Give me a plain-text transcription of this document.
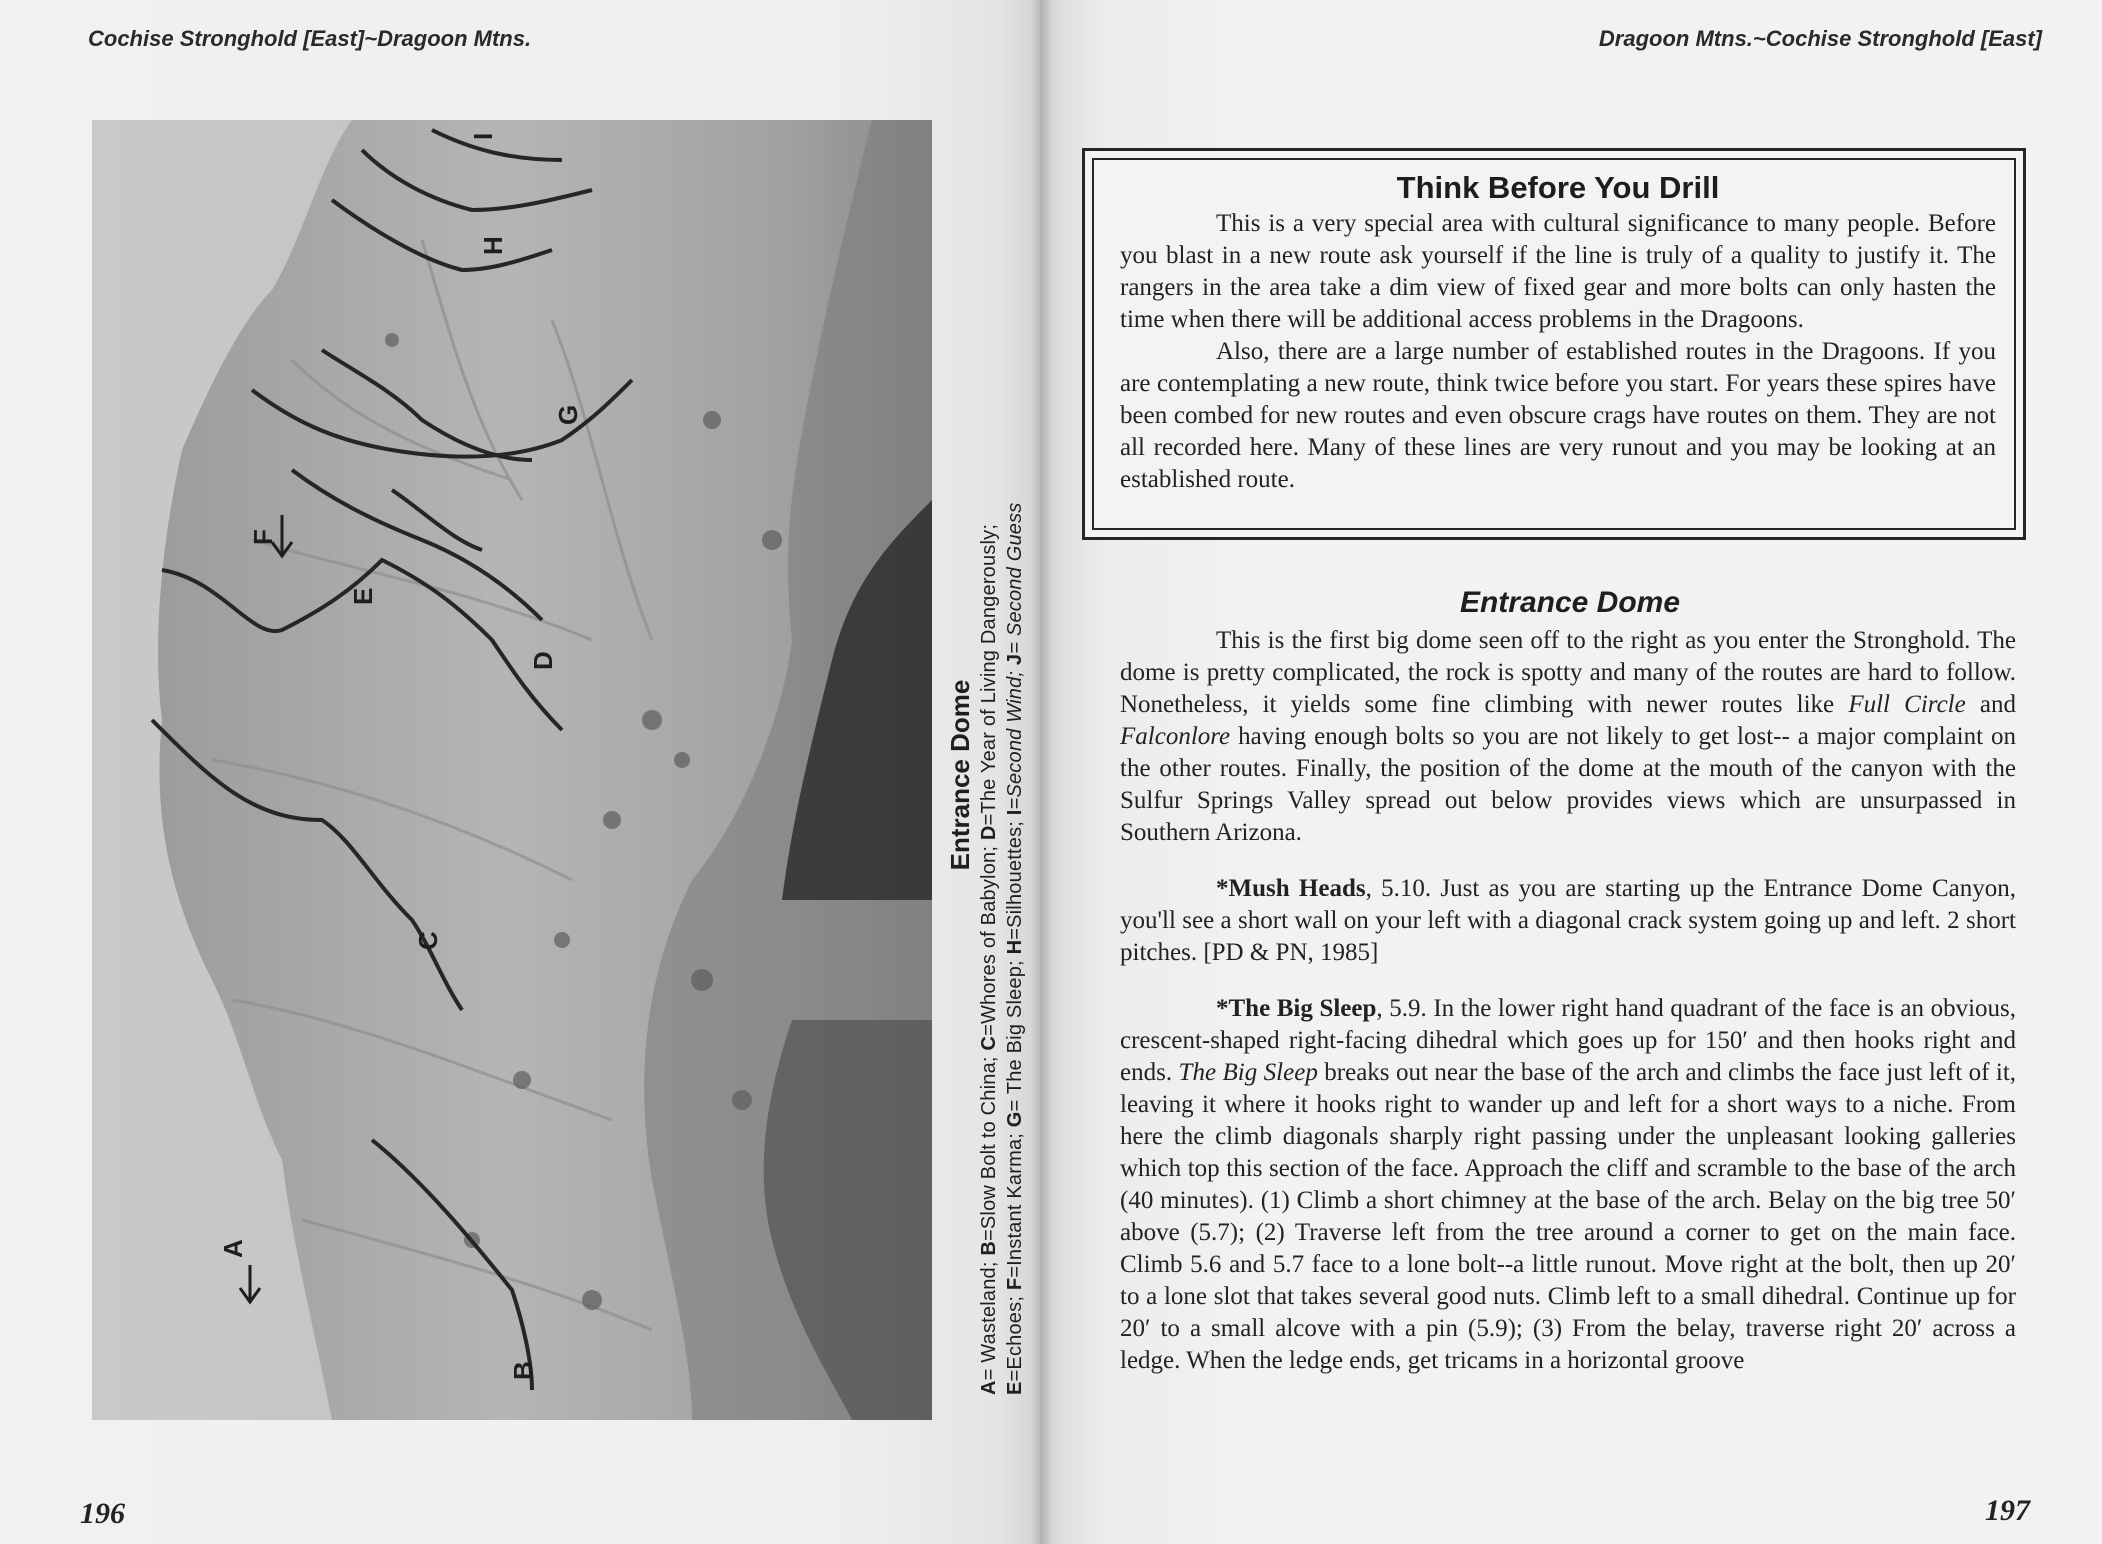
Cochise Stronghold [East]~Dragoon Mtns.
A
B
C
D
E
F
G
H
I
Entrance Dome
A= Wasteland; B=Slow Bolt to China; C=Whores of Babylon; D=The Year of Living Dangerously;
E=Echoes; F=Instant Karma; G= The Big Sleep; H=Silhouettes; I=Second Wind; J= Second Guess
196
Dragoon Mtns.~Cochise Stronghold [East]
Think Before You Drill

This is a very special area with cultural significance to many people. Before you blast in a new route ask yourself if the line is truly of a quality to justify it. The rangers in the area take a dim view of fixed gear and more bolts can only hasten the time when there will be additional access problems in the Dragoons.

Also, there are a large number of established routes in the Dragoons. If you are contemplating a new route, think twice before you start. For years these spires have been combed for new routes and even obscure crags have routes on them. They are not all recorded here. Many of these lines are very runout and you may be looking at an established route.

Entrance Dome

This is the first big dome seen off to the right as you enter the Stronghold. The dome is pretty complicated, the rock is spotty and many of the routes are hard to follow. Nonetheless, it yields some fine climbing with newer routes like Full Circle and Falconlore having enough bolts so you are not likely to get lost-- a major complaint on the other routes. Finally, the position of the dome at the mouth of the canyon with the Sulfur Springs Valley spread out below provides views which are unsurpassed in Southern Arizona.

*Mush Heads, 5.10. Just as you are starting up the Entrance Dome Canyon, you'll see a short wall on your left with a diagonal crack system going up and left. 2 short pitches. [PD & PN, 1985]

*The Big Sleep, 5.9. In the lower right hand quadrant of the face is an obvious, crescent-shaped right-facing dihedral which goes up for 150′ and then hooks right and ends. The Big Sleep breaks out near the base of the arch and climbs the face just left of it, leaving it where it hooks right to wander up and left for a short ways to a niche. From here the climb diagonals sharply right passing under the unpleasant looking galleries which top this section of the face. Approach the cliff and scramble to the base of the arch (40 minutes). (1) Climb a short chimney at the base of the arch. Belay on the big tree 50′ above (5.7); (2) Traverse left from the tree around a corner to get on the main face. Climb 5.6 and 5.7 face to a lone bolt--a little runout. Move right at the bolt, then up 20′ to a lone slot that takes several good nuts. Climb left to a small dihedral. Continue up for 20′ to a small alcove with a pin (5.9); (3) From the belay, traverse right 20′ across a ledge. When the ledge ends, get tricams in a horizontal groove

197
